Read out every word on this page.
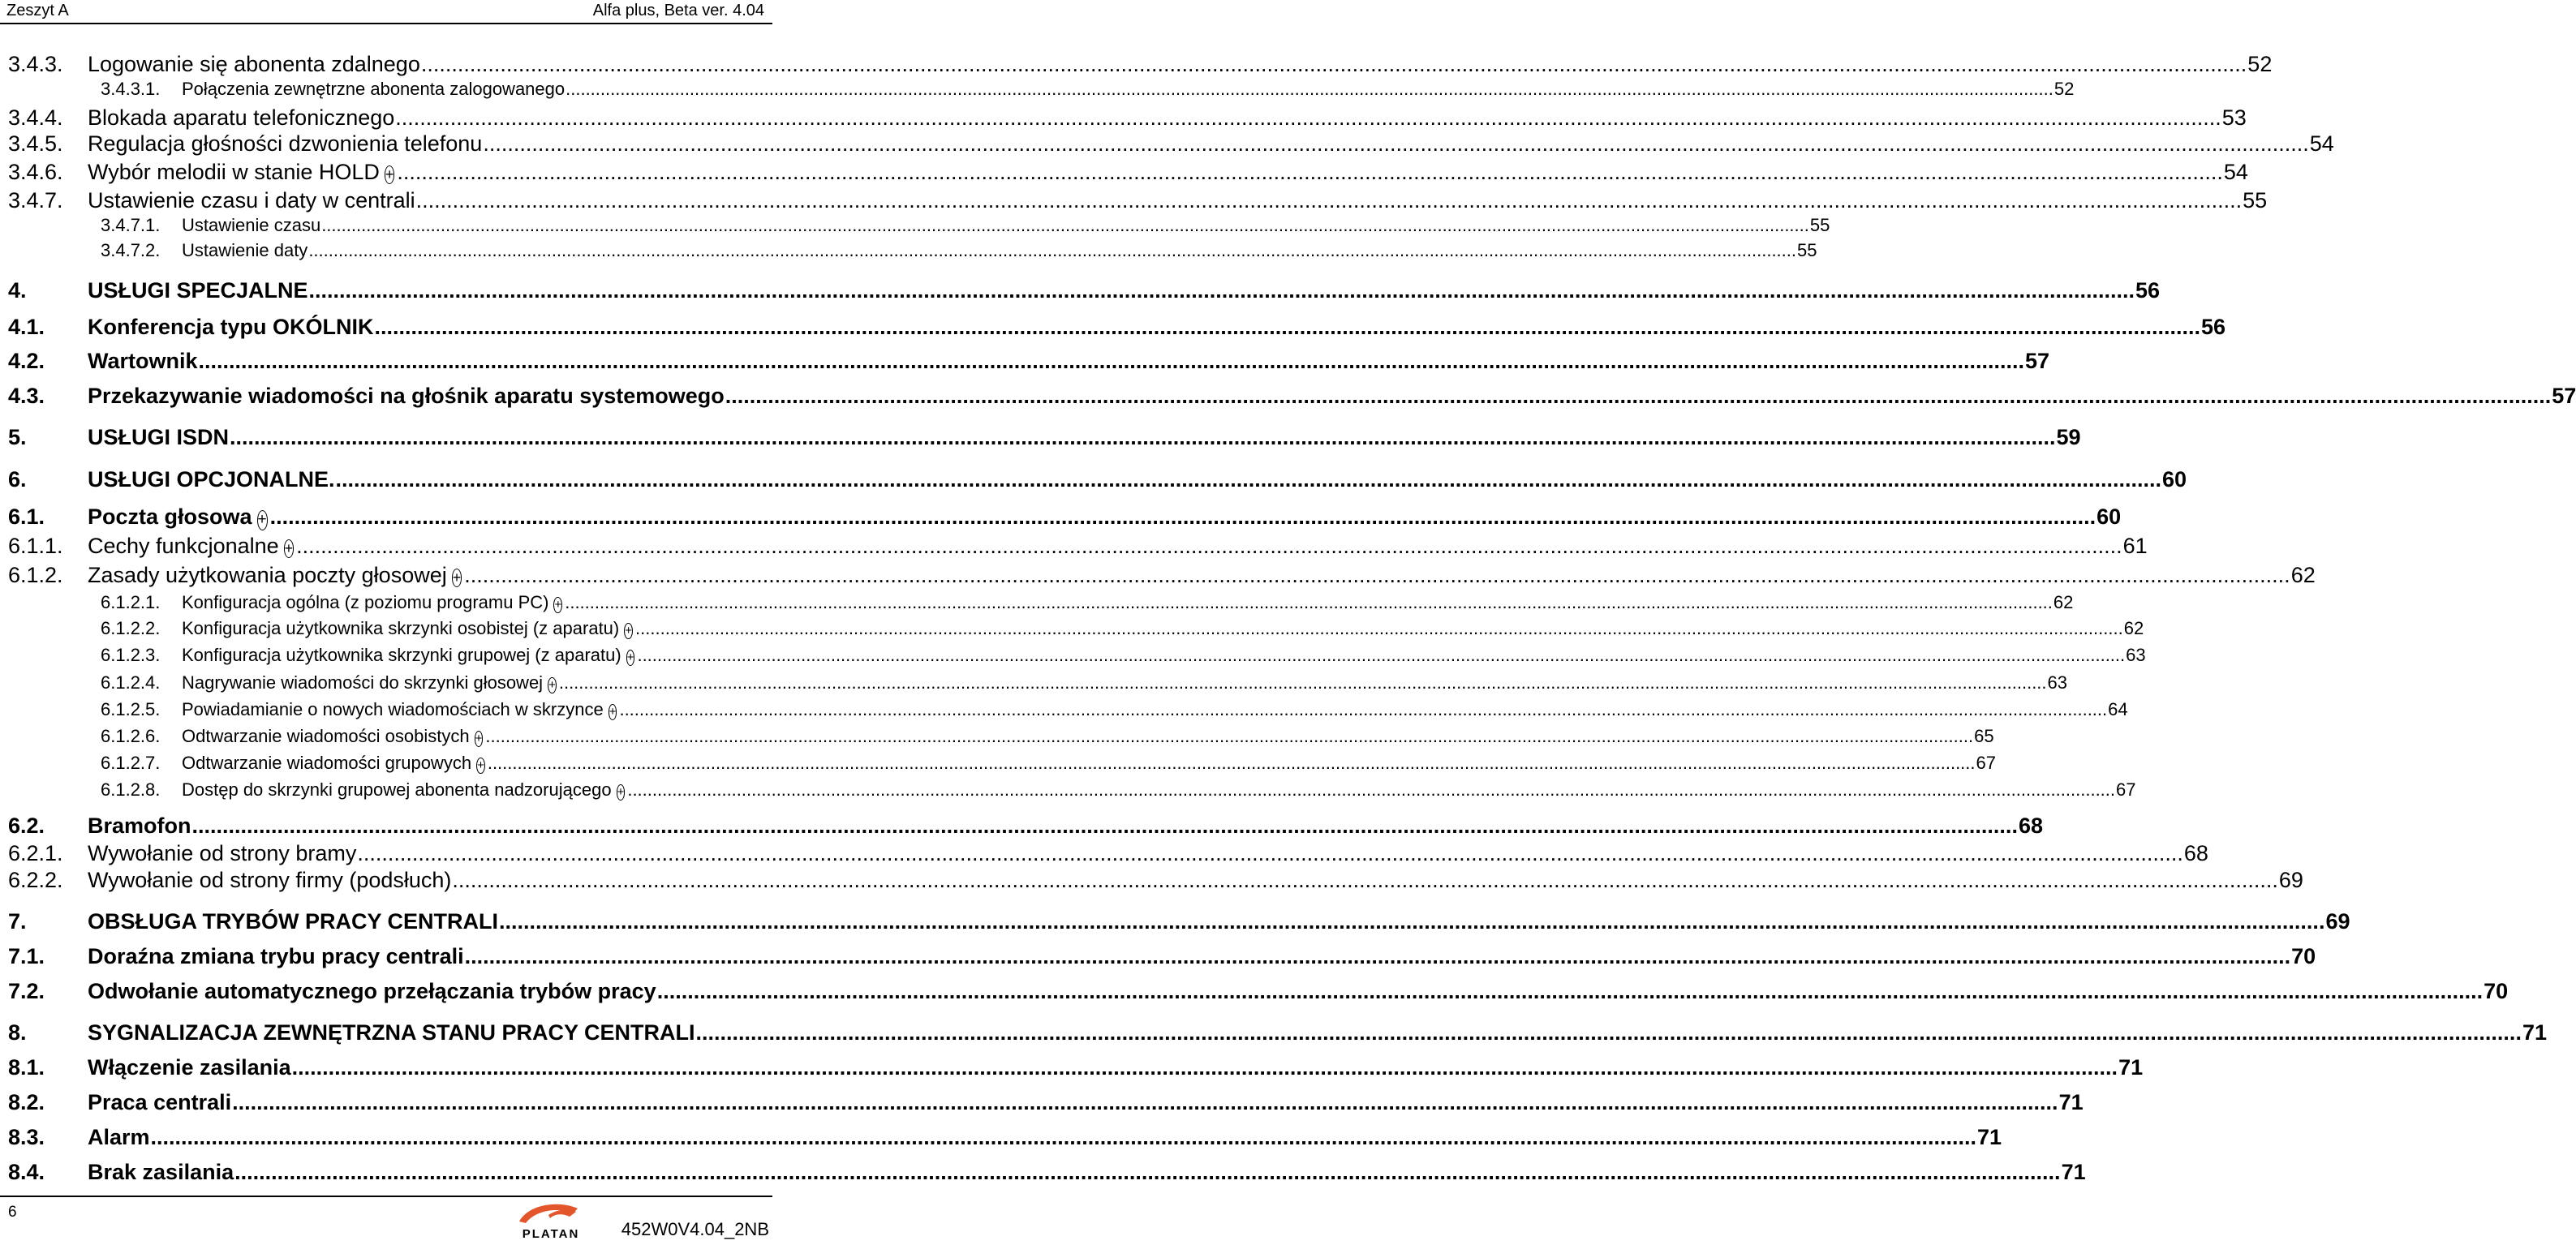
Zeszyt A	Alfa plus, Beta ver. 4.04
3.4.3. Logowanie się abonenta zdalnego ............................................................................................................................................................................................................................................................................................................ 52
3.4.3.1. Połączenia zewnętrzne abonenta zalogowanego ............................................................................................................................................................................................................................................................................................................ 52
3.4.4. Blokada aparatu telefonicznego ............................................................................................................................................................................................................................................................................................................ 53
3.4.5. Regulacja głośności dzwonienia telefonu ............................................................................................................................................................................................................................................................................................................ 54
3.4.6. Wybór melodii w stanie HOLD + ............................................................................................................................................................................................................................................................................................................ 54
3.4.7. Ustawienie czasu i daty w centrali ............................................................................................................................................................................................................................................................................................................ 55
3.4.7.1. Ustawienie czasu ............................................................................................................................................................................................................................................................................................................ 55
3.4.7.2. Ustawienie daty ............................................................................................................................................................................................................................................................................................................ 55
4.	USŁUGI SPECJALNE ............................................................................................................................................................................................................................................................................................................ 56
4.1. Konferencja typu OKÓLNIK ............................................................................................................................................................................................................................................................................................................ 56
4.2. Wartownik ............................................................................................................................................................................................................................................................................................................ 57
4.3. Przekazywanie wiadomości na głośnik aparatu systemowego ............................................................................................................................................................................................................................................................................................................ 57
5.	USŁUGI ISDN ............................................................................................................................................................................................................................................................................................................ 59
6.	USŁUGI OPCJONALNE. ............................................................................................................................................................................................................................................................................................................ 60
6.1. Poczta głosowa + ............................................................................................................................................................................................................................................................................................................ 60
6.1.1. Cechy funkcjonalne + ............................................................................................................................................................................................................................................................................................................ 61
6.1.2. Zasady użytkowania poczty głosowej + ............................................................................................................................................................................................................................................................................................................ 62
6.1.2.1. Konfiguracja ogólna (z poziomu programu PC) + ............................................................................................................................................................................................................................................................................................................ 62
6.1.2.2. Konfiguracja użytkownika skrzynki osobistej (z aparatu) + ............................................................................................................................................................................................................................................................................................................ 62
6.1.2.3. Konfiguracja użytkownika skrzynki grupowej (z aparatu) + ............................................................................................................................................................................................................................................................................................................ 63
6.1.2.4. Nagrywanie wiadomości do skrzynki głosowej + ............................................................................................................................................................................................................................................................................................................ 63
6.1.2.5. Powiadamianie o nowych wiadomościach w skrzynce + ............................................................................................................................................................................................................................................................................................................ 64
6.1.2.6. Odtwarzanie wiadomości osobistych + ............................................................................................................................................................................................................................................................................................................ 65
6.1.2.7. Odtwarzanie wiadomości grupowych + ............................................................................................................................................................................................................................................................................................................ 67
6.1.2.8. Dostęp do skrzynki grupowej abonenta nadzorującego + ............................................................................................................................................................................................................................................................................................................ 67
6.2. Bramofon ............................................................................................................................................................................................................................................................................................................ 68
6.2.1. Wywołanie od strony bramy ............................................................................................................................................................................................................................................................................................................ 68
6.2.2. Wywołanie od strony firmy (podsłuch) ............................................................................................................................................................................................................................................................................................................ 69
7.	OBSŁUGA TRYBÓW PRACY CENTRALI ............................................................................................................................................................................................................................................................................................................ 69
7.1. Doraźna zmiana trybu pracy centrali ............................................................................................................................................................................................................................................................................................................ 70
7.2. Odwołanie automatycznego przełączania trybów pracy ............................................................................................................................................................................................................................................................................................................ 70
8.	SYGNALIZACJA ZEWNĘTRZNA STANU PRACY CENTRALI ............................................................................................................................................................................................................................................................................................................ 71
8.1. Włączenie zasilania ............................................................................................................................................................................................................................................................................................................ 71
8.2. Praca centrali ............................................................................................................................................................................................................................................................................................................ 71
8.3. Alarm ............................................................................................................................................................................................................................................................................................................ 71
8.4. Brak zasilania ............................................................................................................................................................................................................................................................................................................ 71
6
PLATAN 452W0V4.04_2NB
